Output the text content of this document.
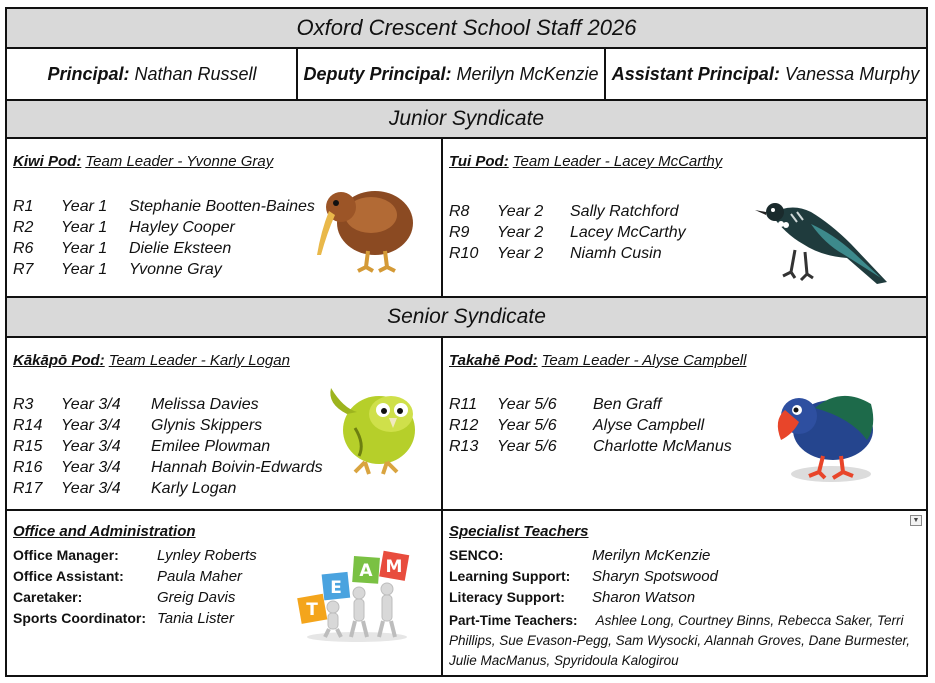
Oxford Crescent School Staff 2026
Principal: Nathan Russell	Deputy Principal: Merilyn McKenzie Assistant Principal: Vanessa Murphy
Junior Syndicate
Kiwi Pod: Team Leader - Yvonne Gray
R1	Year 1	Stephanie Bootten-Baines
R2	Year 1	Hayley Cooper
R6	Year 1	Dielie Eksteen
R7	Year 1	Yvonne Gray
Tui Pod: Team Leader - Lacey McCarthy
R8	Year 2	Sally Ratchford
R9	Year 2	Lacey McCarthy
R10	Year 2	Niamh Cusin
Senior Syndicate
Kākāpō Pod: Team Leader - Karly Logan
R3	Year 3/4	Melissa Davies
R14	Year 3/4	Glynis Skippers
R15	Year 3/4	Emilee Plowman
R16	Year 3/4	Hannah Boivin-Edwards
R17	Year 3/4	Karly Logan
Takahē Pod: Team Leader - Alyse Campbell
R11	Year 5/6	Ben Graff
R12	Year 5/6	Alyse Campbell
R13	Year 5/6	Charlotte McManus
Office and Administration
Office Manager:	Lynley Roberts
Office Assistant:	Paula Maher
Caretaker:	Greig Davis
Sports Coordinator: Tania Lister	T
E
A M
▼
Specialist Teachers
SENCO:	Merilyn McKenzie
Learning Support:	Sharyn Spotswood
Literacy Support:	Sharon Watson
Part-Time Teachers: Ashlee Long, Courtney Binns, Rebecca Saker, Terri Phillips, Sue Evason-Pegg, Sam Wysocki, Alannah Groves, Dane Burmester, Julie MacManus, Spyridoula Kalogirou
